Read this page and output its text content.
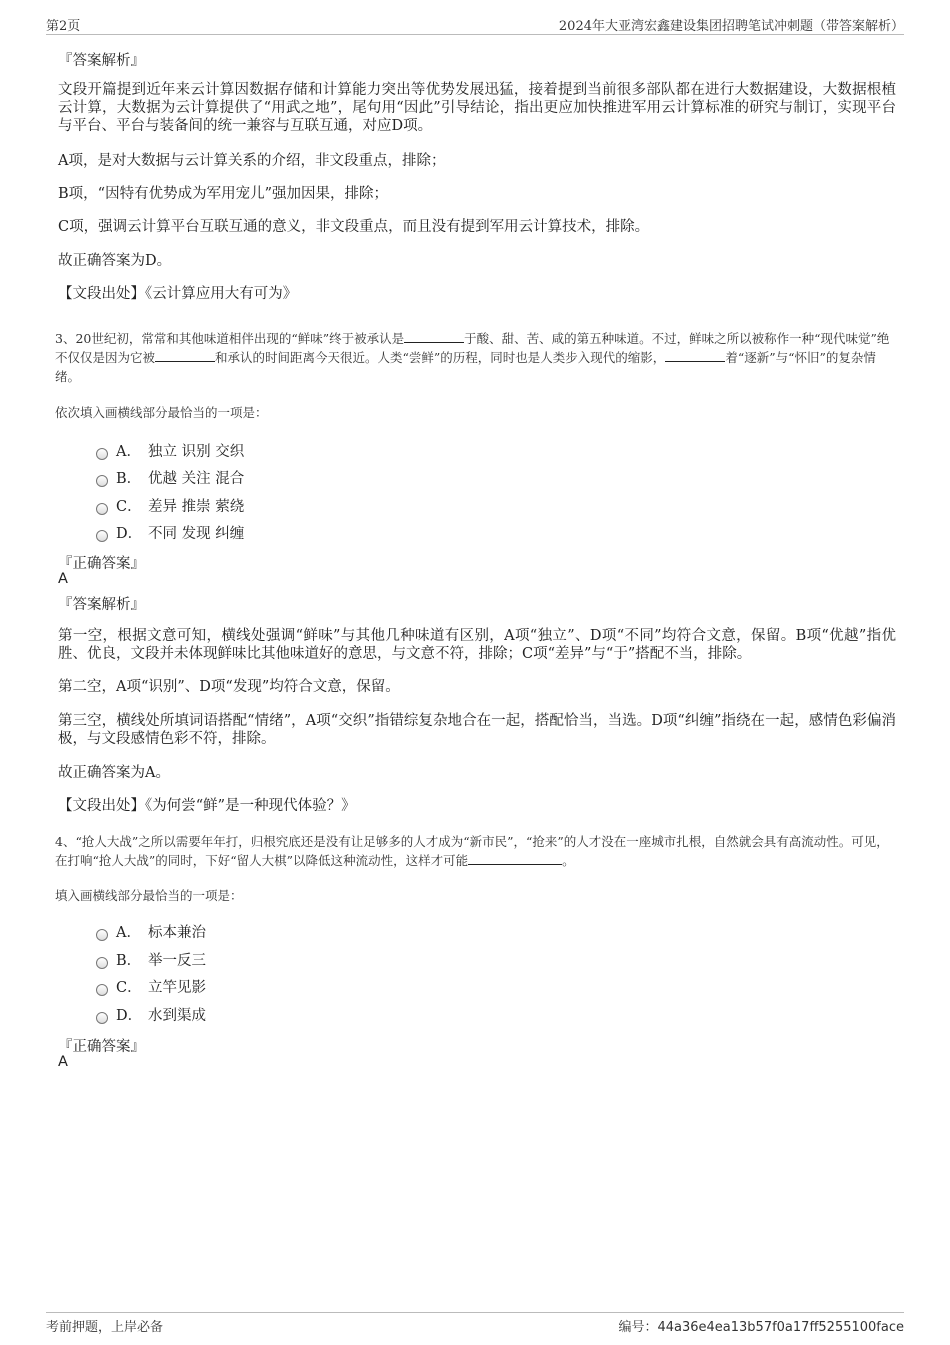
第2页	2024年大亚湾宏鑫建设集团招聘笔试冲刺题（带答案解析）
『答案解析』
文段开篇提到近年来云计算因数据存储和计算能力突出等优势发展迅猛，接着提到当前很多部队都在进行大数据建设，大数据根植云计算，大数据为云计算提供了“用武之地”，尾句用“因此”引导结论，指出更应加快推进军用云计算标准的研究与制订，实现平台与平台、平台与装备间的统一兼容与互联互通，对应D项。
A项，是对大数据与云计算关系的介绍，非文段重点，排除；
B项，“因特有优势成为军用宠儿”强加因果，排除；
C项，强调云计算平台互联互通的意义，非文段重点，而且没有提到军用云计算技术，排除。
故正确答案为D。
【文段出处】《云计算应用大有可为》
3、20世纪初，常常和其他味道相伴出现的“鲜味”终于被承认是	于酸、甜、苦、咸的第五种味道。不过，鲜味之所以被称作一种“现代味觉”绝不仅仅是因为它被	和承认的时间距离今天很近。人类“尝鲜”的历程，同时也是人类步入现代的缩影，	着“逐新”与“怀旧”的复杂情绪。
依次填入画横线部分最恰当的一项是：
A． 独立 识别 交织
B． 优越 关注 混合
C． 差异 推崇 萦绕
D． 不同 发现 纠缠
『正确答案』
A
『答案解析』
第一空，根据文意可知，横线处强调“鲜味”与其他几种味道有区别，A项“独立”、D项“不同”均符合文意，保留。B项“优越”指优胜、优良，文段并未体现鲜味比其他味道好的意思，与文意不符，排除；C项“差异”与“于”搭配不当，排除。
第二空，A项“识别”、D项“发现”均符合文意，保留。
第三空，横线处所填词语搭配“情绪”，A项“交织”指错综复杂地合在一起，搭配恰当，当选。D项“纠缠”指绕在一起，感情色彩偏消极，与文段感情色彩不符，排除。
故正确答案为A。
【文段出处】《为何尝“鲜”是一种现代体验？》
4、“抢人大战”之所以需要年年打，归根究底还是没有让足够多的人才成为“新市民”，“抢来”的人才没在一座城市扎根，自然就会具有高流动性。可见，在打响“抢人大战”的同时，下好“留人大棋”以降低这种流动性，这样才可能	。
填入画横线部分最恰当的一项是：
A． 标本兼治
B． 举一反三
C． 立竿见影
D． 水到渠成
『正确答案』
A
考前押题，上岸必备	编号：44a36e4ea13b57f0a17ff5255100face
